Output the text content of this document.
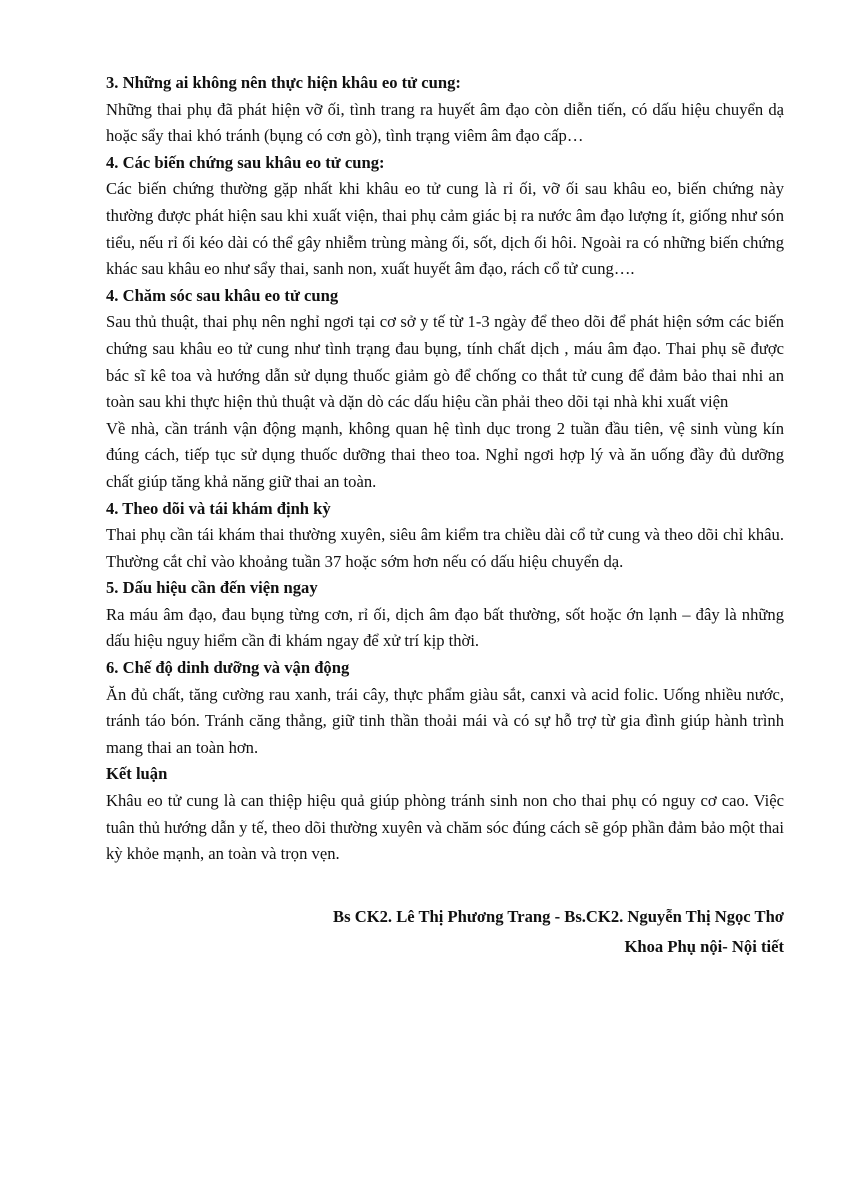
3. Những ai không nên thực hiện khâu eo tử cung:

Những thai phụ đã phát hiện vỡ ối, tình trang ra huyết âm đạo còn diễn tiến, có dấu hiệu chuyển dạ hoặc sẩy thai khó tránh (bụng có cơn gò), tình trạng viêm âm đạo cấp…

4. Các biến chứng sau khâu eo tử cung:

Các biến chứng thường gặp nhất khi khâu eo tử cung là rỉ ối, vỡ ối sau khâu eo, biến chứng này thường được phát hiện sau khi xuất viện, thai phụ cảm giác bị ra nước âm đạo lượng ít, giống như són tiểu, nếu rỉ ối kéo dài có thể gây nhiễm trùng màng ối, sốt, dịch ối hôi. Ngoài ra có những biến chứng khác sau khâu eo như sẩy thai, sanh non, xuất huyết âm đạo, rách cổ tử cung….

4. Chăm sóc sau khâu eo tử cung

Sau thủ thuật, thai phụ nên nghỉ ngơi tại cơ sở y tế từ 1-3 ngày để theo dõi để phát hiện sớm các biến chứng sau khâu eo tử cung như tình trạng đau bụng, tính chất dịch , máu âm đạo. Thai phụ sẽ được bác sĩ kê toa và hướng dẫn sử dụng thuốc giảm gò để chống co thắt tử cung để đảm bảo thai nhi an toàn sau khi thực hiện thủ thuật và dặn dò các dấu hiệu cần phải theo dõi tại nhà khi xuất viện

Về nhà, cần tránh vận động mạnh, không quan hệ tình dục trong 2 tuần đầu tiên, vệ sinh vùng kín đúng cách, tiếp tục sử dụng thuốc dưỡng thai theo toa. Nghỉ ngơi hợp lý và ăn uống đầy đủ dưỡng chất giúp tăng khả năng giữ thai an toàn.

4. Theo dõi và tái khám định kỳ

Thai phụ cần tái khám thai thường xuyên, siêu âm kiểm tra chiều dài cổ tử cung và theo dõi chỉ khâu. Thường cắt chỉ vào khoảng tuần 37 hoặc sớm hơn nếu có dấu hiệu chuyển dạ.

5. Dấu hiệu cần đến viện ngay

Ra máu âm đạo, đau bụng từng cơn, rỉ ối, dịch âm đạo bất thường, sốt hoặc ớn lạnh – đây là những dấu hiệu nguy hiểm cần đi khám ngay để xử trí kịp thời.

6. Chế độ dinh dưỡng và vận động

Ăn đủ chất, tăng cường rau xanh, trái cây, thực phẩm giàu sắt, canxi và acid folic. Uống nhiều nước, tránh táo bón. Tránh căng thẳng, giữ tinh thần thoải mái và có sự hỗ trợ từ gia đình giúp hành trình mang thai an toàn hơn.

Kết luận

Khâu eo tử cung là can thiệp hiệu quả giúp phòng tránh sinh non cho thai phụ có nguy cơ cao. Việc tuân thủ hướng dẫn y tế, theo dõi thường xuyên và chăm sóc đúng cách sẽ góp phần đảm bảo một thai kỳ khỏe mạnh, an toàn và trọn vẹn.

Bs CK2. Lê Thị Phương Trang - Bs.CK2. Nguyễn Thị Ngọc Thơ
Khoa Phụ nội- Nội tiết
